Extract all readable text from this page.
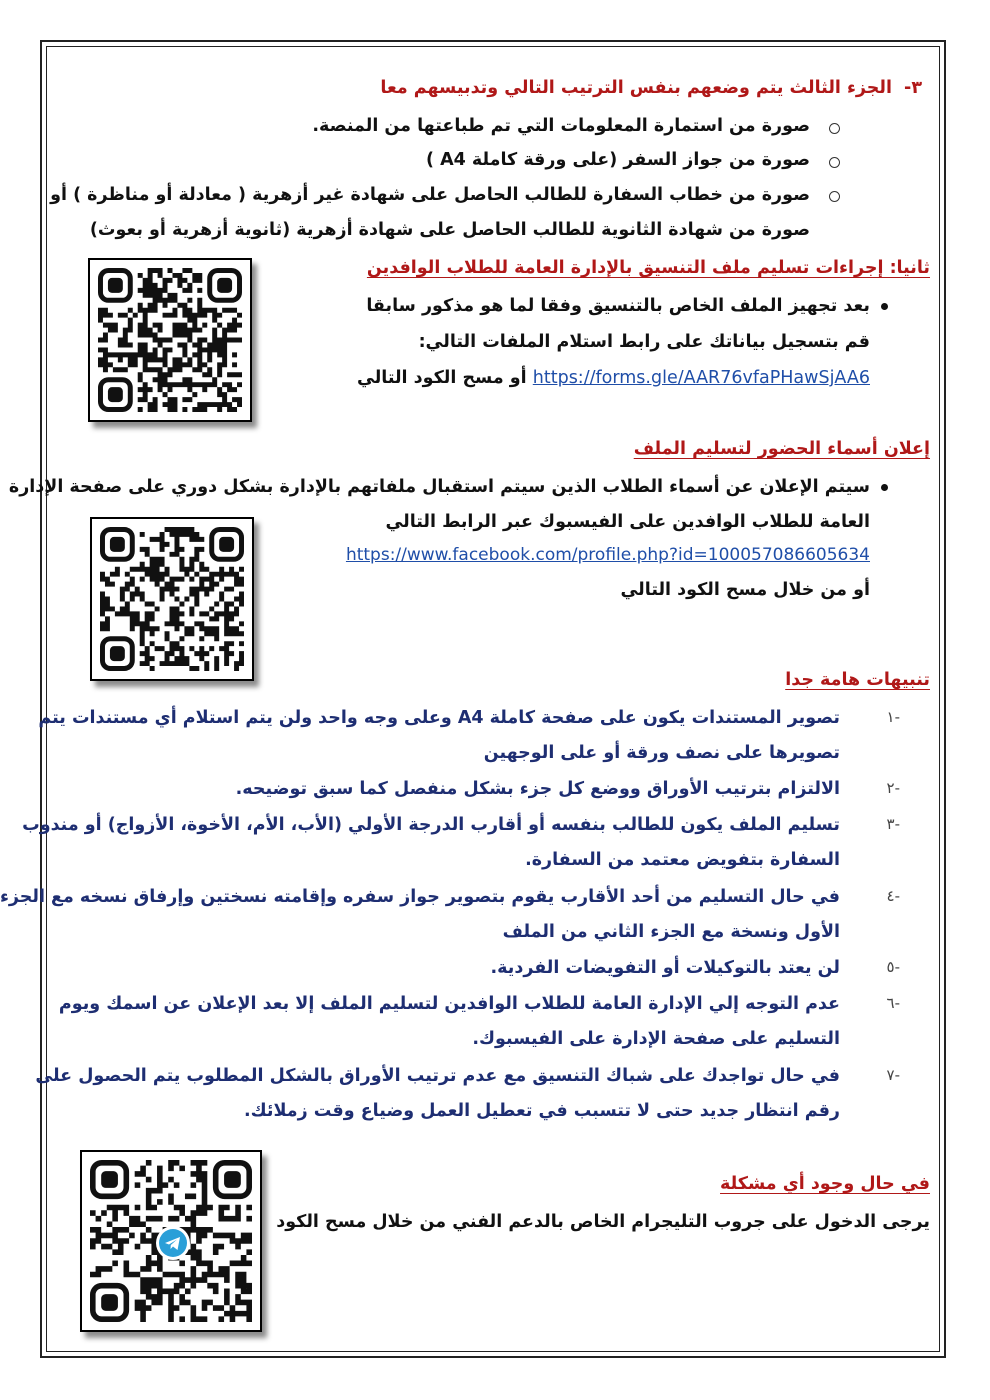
٣-
الجزء الثالث يتم وضعهم بنفس الترتيب التالي وتدبيسهم معا
صورة من استمارة المعلومات التي تم طباعتها من المنصة.
صورة من جواز السفر (على ورقة كاملة A4 )
صورة من خطاب السفارة للطالب الحاصل على شهادة غير أزهرية ( معادلة أو مناظرة ) أو
صورة من شهادة الثانوية للطالب الحاصل على شهادة أزهرية (ثانوية أزهرية أو بعوث)
ثانيا: إجراءات تسليم ملف التنسيق بالإدارة العامة للطلاب الوافدين
بعد تجهيز الملف الخاص بالتنسيق وفقا لما هو مذكور سابقا
قم بتسجيل بياناتك على رابط استلام الملفات التالي:
https://forms.gle/AAR76vfaPHawSjAA6 أو مسح الكود التالي
إعلان أسماء الحضور لتسليم الملف
سيتم الإعلان عن أسماء الطلاب الذين سيتم استقبال ملفاتهم بالإدارة بشكل دوري على صفحة الإدارة
العامة للطلاب الوافدين على الفيسبوك عبر الرابط التالي
https://www.facebook.com/profile.php?id=100057086605634
أو من خلال مسح الكود التالي
تنبيهات هامة جدا
١-
تصوير المستندات يكون على صفحة كاملة A4 وعلى وجه واحد ولن يتم استلام أي مستندات يتم
تصويرها على نصف ورقة أو على الوجهين
٢-
الالتزام بترتيب الأوراق ووضع كل جزء بشكل منفصل كما سبق توضيحه.
٣-
تسليم الملف يكون للطالب بنفسه أو أقارب الدرجة الأولي (الأب، الأم، الأخوة، الأزواج) أو مندوب
السفارة بتفويض معتمد من السفارة.
٤-
في حال التسليم من أحد الأقارب يقوم بتصوير جواز سفره وإقامته نسختين وإرفاق نسخه مع الجزء
الأول ونسخة مع الجزء الثاني من الملف
٥-
لن يعتد بالتوكيلات أو التفويضات الفردية.
٦-
عدم التوجه إلي الإدارة العامة للطلاب الوافدين لتسليم الملف إلا بعد الإعلان عن اسمك ويوم
التسليم على صفحة الإدارة على الفيسبوك.
٧-
في حال تواجدك على شباك التنسيق مع عدم ترتيب الأوراق بالشكل المطلوب يتم الحصول على
رقم انتظار جديد حتى لا تتسبب في تعطيل العمل وضياع وقت زملائك.
في حال وجود أي مشكلة
يرجى الدخول على جروب التليجرام الخاص بالدعم الفني من خلال مسح الكود
